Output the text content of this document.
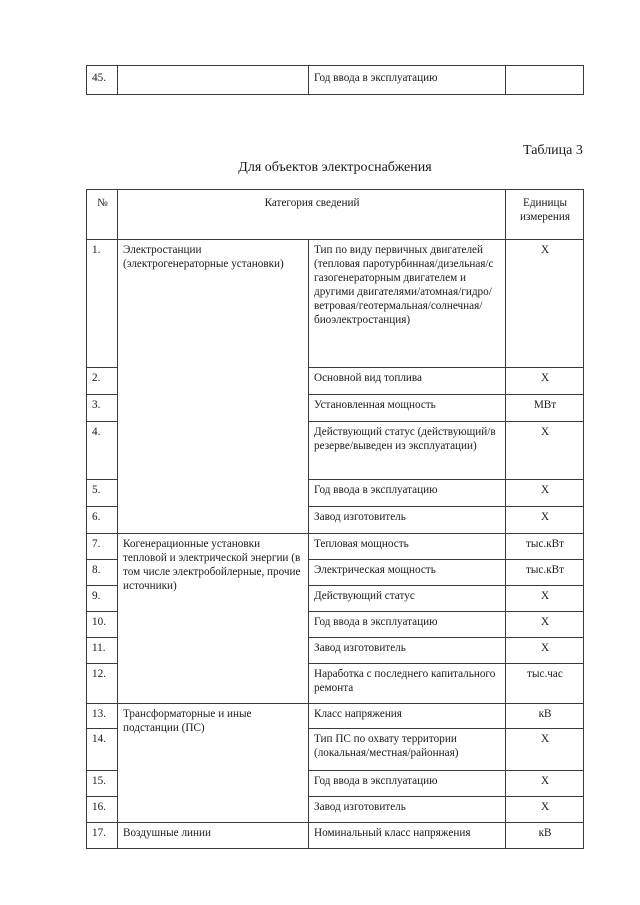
45.		Год ввода в эксплуатацию	
Таблица 3
Для объектов электроснабжения
№	Категория сведений		Единицы измерения
1.	Электростанции (электрогенераторные установки)	Тип по виду первичных двигателей (тепловая паротурбинная/дизельная/с газогенераторным двигателем и другими двигателями/атомная/гидро/ветровая/геотермальная/солнечная/биоэлектростанция)	Х
2.		Основной вид топлива	Х
3.		Установленная мощность	МВт
4.		Действующий статус (действующий/в резерве/выведен из эксплуатации)	Х
5.		Год ввода в эксплуатацию	Х
6.		Завод изготовитель	Х
7.	Когенерационные установки тепловой и электрической энергии (в том числе электробойлерные, прочие источники)	Тепловая мощность	тыс.кВт
8.		Электрическая мощность	тыс.кВт
9.		Действующий статус	Х
10.		Год ввода в эксплуатацию	Х
11.		Завод изготовитель	Х
12.		Наработка с последнего капитального ремонта	тыс.час
13.	Трансформаторные и иные подстанции (ПС)	Класс напряжения	кВ
14.		Тип ПС по охвату территории (локальная/местная/районная)	Х
15.		Год ввода в эксплуатацию	Х
16.		Завод изготовитель	Х
17.	Воздушные линии	Номинальный класс напряжения	кВ
